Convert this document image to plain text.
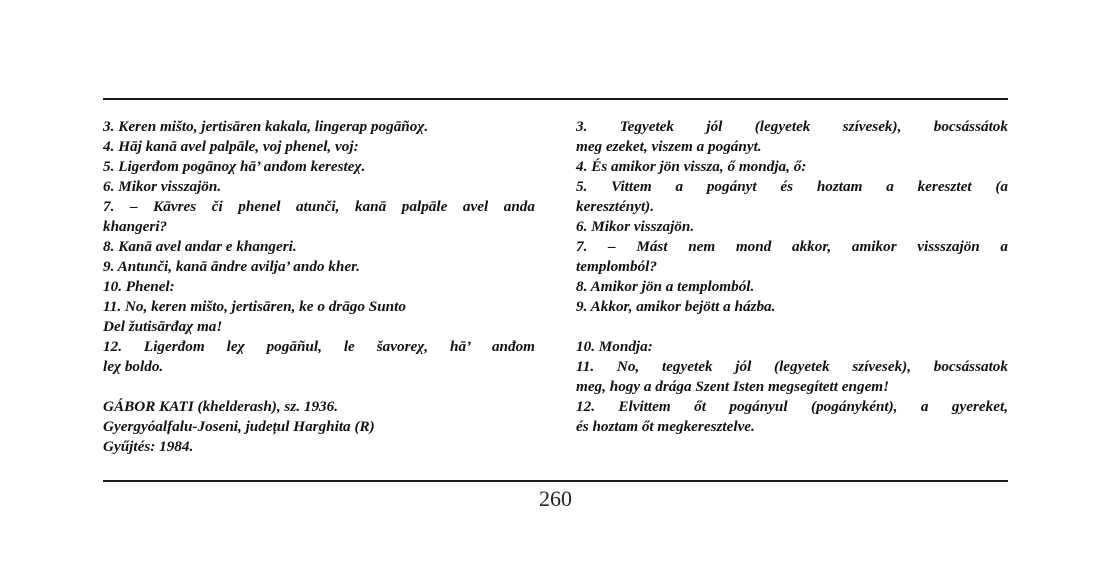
3. Keren mišto, jertisāren kakala, lingerap pogāñoχ.
4. Hāj kanā avel palpāle, voj phenel, voj:
5. Ligerđom pogānoχ hā’ anđom keresteχ.
6. Mikor visszajön.
7. – Kāvres či phenel atunči, kanā palpāle avel anda
khangeri?
8. Kanā avel andar e khangeri.
9. Antunči, kanā āndre avilja’ ando kher.
10. Phenel:
11. No, keren mišto, jertisāren, ke o drāgo Sunto
Del žutisārđaχ ma!
12. Ligerđom leχ pogāñul, le šavoreχ, hā’ anđom
leχ boldo.
GÁBOR KATI (khelderash), sz. 1936.
Gyergyóalfalu-Joseni, județul Harghita (R)
Gyűjtés: 1984.
3. Tegyetek jól (legyetek szívesek), bocsássátok
meg ezeket, viszem a pogányt.
4. És amikor jön vissza, ő mondja, ő:
5. Vittem a pogányt és hoztam a keresztet (a
keresztényt).
6. Mikor visszajön.
7. – Mást nem mond akkor, amikor vissszajön a
templomból?
8. Amikor jön a templomból.
9. Akkor, amikor bejött a házba.
10. Mondja:
11. No, tegyetek jól (legyetek szívesek), bocsássatok
meg, hogy a drága Szent Isten megsegített engem!
12. Elvittem őt pogányul (pogányként), a gyereket,
és hoztam őt megkeresztelve.
260
